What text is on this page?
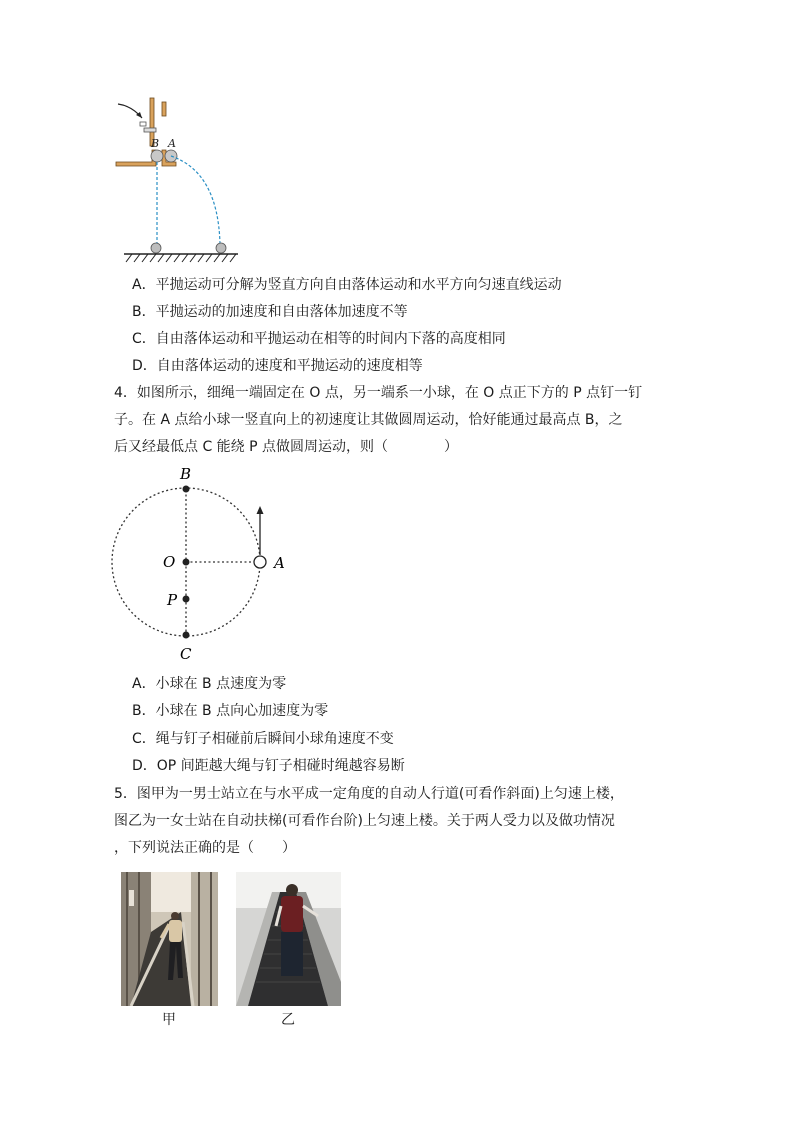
B A
A．平抛运动可分解为竖直方向自由落体运动和水平方向匀速直线运动
B．平抛运动的加速度和自由落体加速度不等
C．自由落体运动和平抛运动在相等的时间内下落的高度相同
D．自由落体运动的速度和平抛运动的速度相等
4．如图所示，细绳一端固定在 O 点，另一端系一小球，在 O 点正下方的 P 点钉一钉
子。在 A 点给小球一竖直向上的初速度让其做圆周运动，恰好能通过最高点 B，之
后又经最低点 C 能绕 P 点做圆周运动，则（　　　　）
B
O
P
C
A
A．小球在 B 点速度为零
B．小球在 B 点向心加速度为零
C．绳与钉子相碰前后瞬间小球角速度不变
D．OP 间距越大绳与钉子相碰时绳越容易断
5．图甲为一男士站立在与水平成一定角度的自动人行道(可看作斜面)上匀速上楼，
图乙为一女士站在自动扶梯(可看作台阶)上匀速上楼。关于两人受力以及做功情况
，下列说法正确的是（　　）
甲	乙
